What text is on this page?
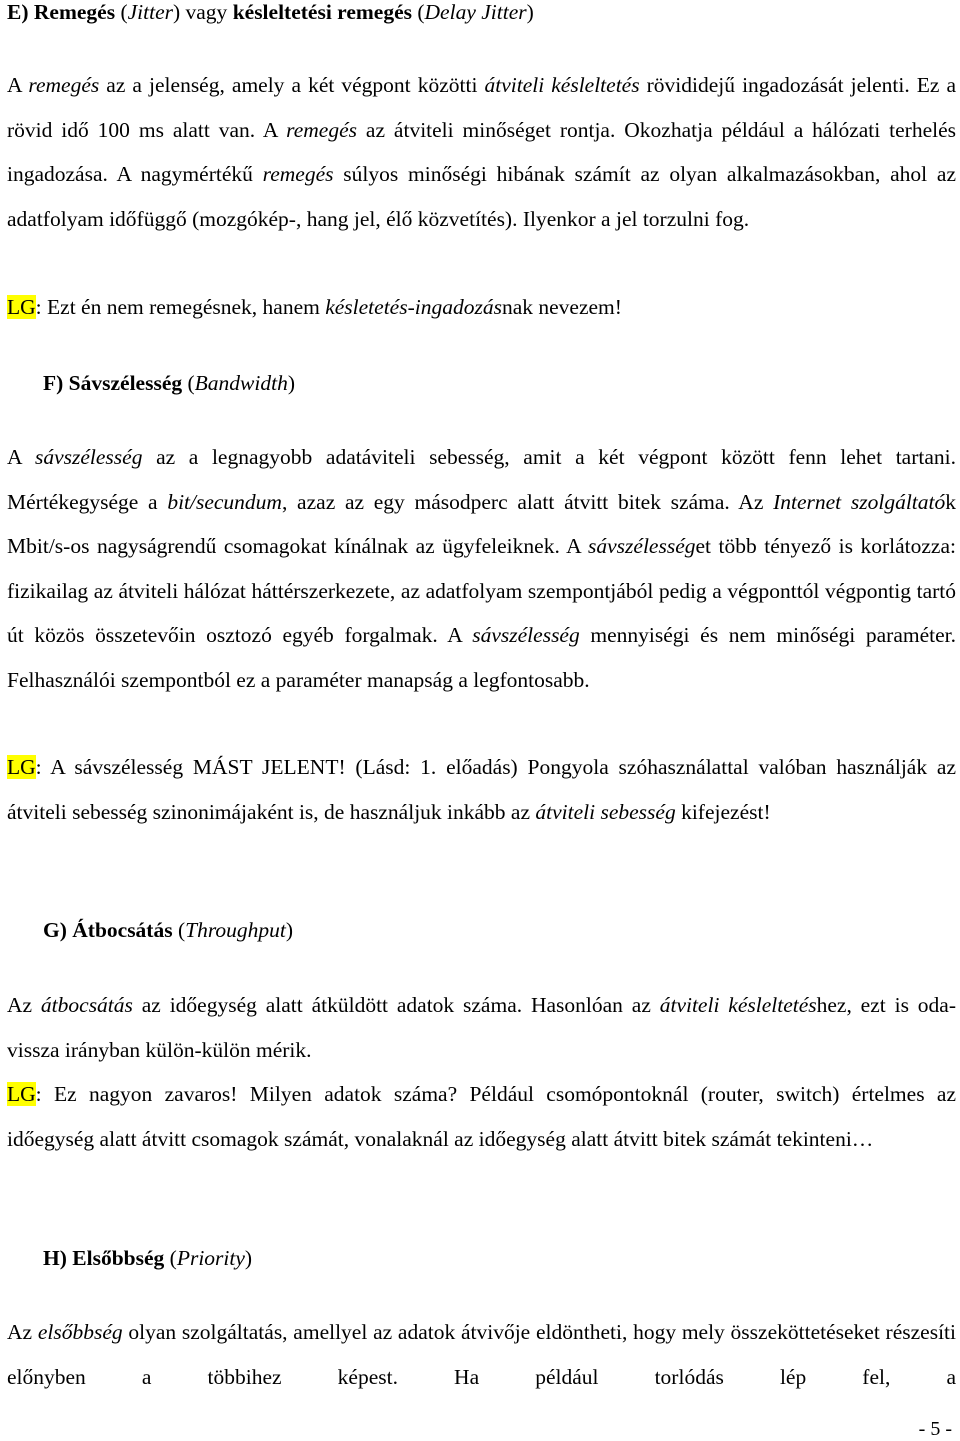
E) Remegés (Jitter) vagy késleltetési remegés (Delay Jitter)
A remegés az a jelenség, amely a két végpont közötti átviteli késleltetés rövididejű ingadozását jelenti. Ez a rövid idő 100 ms alatt van. A remegés az átviteli minőséget rontja. Okozhatja például a hálózati terhelés ingadozása. A nagymértékű remegés súlyos minőségi hibának számít az olyan alkalmazásokban, ahol az adatfolyam időfüggő (mozgókép-, hang jel, élő közvetítés). Ilyenkor a jel torzulni fog.
LG: Ezt én nem remegésnek, hanem késletetés-ingadozásnak nevezem!
F) Sávszélesség (Bandwidth)
A sávszélesség az a legnagyobb adatáviteli sebesség, amit a két végpont között fenn lehet tartani. Mértékegysége a bit/secundum, azaz az egy másodperc alatt átvitt bitek száma. Az Internet szolgáltatók Mbit/s-os nagyságrendű csomagokat kínálnak az ügyfeleiknek. A sávszélességet több tényező is korlátozza: fizikailag az átviteli hálózat háttérszerkezete, az adatfolyam szempontjából pedig a végponttól végpontig tartó út közös összetevőin osztozó egyéb forgalmak. A sávszélesség mennyiségi és nem minőségi paraméter. Felhasználói szempontból ez a paraméter manapság a legfontosabb.
LG: A sávszélesség MÁST JELENT! (Lásd: 1. előadás) Pongyola szóhasználattal valóban használják az átviteli sebesség szinonimájaként is, de használjuk inkább az átviteli sebesség kifejezést!
G) Átbocsátás (Throughput)
Az átbocsátás az időegység alatt átküldött adatok száma. Hasonlóan az átviteli késleltetéshez, ezt is oda-vissza irányban külön-külön mérik.
LG: Ez nagyon zavaros! Milyen adatok száma? Például csomópontoknál (router, switch) értelmes az időegység alatt átvitt csomagok számát, vonalaknál az időegység alatt átvitt bitek számát tekinteni…
H) Elsőbbség (Priority)
Az elsőbbség olyan szolgáltatás, amellyel az adatok átvivője eldöntheti, hogy mely összeköttetéseket részesíti előnyben a többihez képest. Ha például torlódás lép fel, a
- 5 -
